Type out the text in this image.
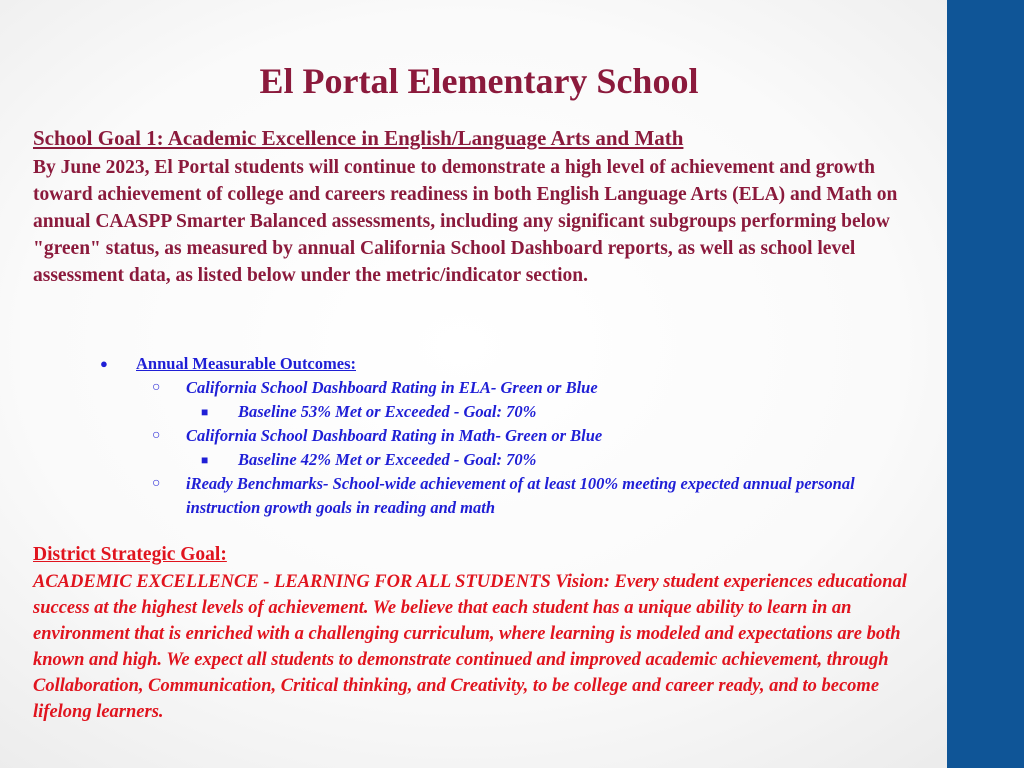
El Portal Elementary School
School Goal 1: Academic Excellence in English/Language Arts and Math
By June 2023, El Portal students will continue to demonstrate a high level of achievement and growth toward achievement of college and careers readiness in both English Language Arts (ELA) and Math on annual CAASPP Smarter Balanced assessments, including any significant subgroups performing below "green" status, as measured by annual California School Dashboard reports, as well as school level assessment data, as listed below under the metric/indicator section.
● Annual Measurable Outcomes:
○ California School Dashboard Rating in ELA- Green or Blue
■ Baseline 53% Met or Exceeded - Goal: 70%
○ California School Dashboard Rating in Math- Green or Blue
■ Baseline 42% Met or Exceeded - Goal: 70%
○ iReady Benchmarks- School-wide achievement of at least 100% meeting expected annual personal instruction growth goals in reading and math
District Strategic Goal:
ACADEMIC EXCELLENCE - LEARNING FOR ALL STUDENTS Vision: Every student experiences educational success at the highest levels of achievement. We believe that each student has a unique ability to learn in an environment that is enriched with a challenging curriculum, where learning is modeled and expectations are both known and high. We expect all students to demonstrate continued and improved academic achievement, through Collaboration, Communication, Critical thinking, and Creativity, to be college and career ready, and to become lifelong learners.
